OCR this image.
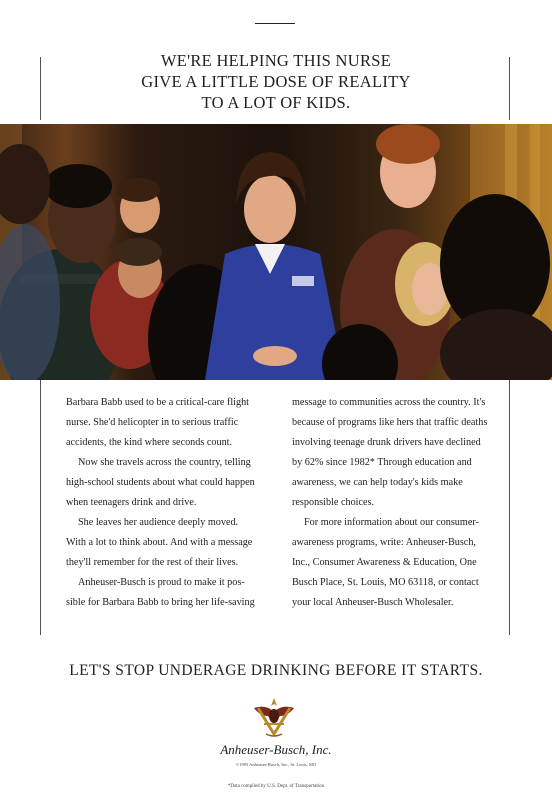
WE'RE HELPING THIS NURSE
GIVE A LITTLE DOSE OF REALITY
TO A LOT OF KIDS.

Barbara Babb used to be a critical-care flight

nurse. She'd helicopter in to serious traffic

accidents, the kind where seconds count.

Now she travels across the country, telling

high-school students about what could happen

when teenagers drink and drive.

She leaves her audience deeply moved.

With a lot to think about. And with a message

they'll remember for the rest of their lives.

Anheuser-Busch is proud to make it pos-

sible for Barbara Babb to bring her life-saving

message to communities across the country. It's

because of programs like hers that traffic deaths

involving teenage drunk drivers have declined

by 62% since 1982* Through education and

awareness, we can help today's kids make

responsible choices.

For more information about our consumer-

awareness programs, write: Anheuser-Busch,

Inc., Consumer Awareness & Education, One

Busch Place, St. Louis, MO 63118, or contact

your local Anheuser-Busch Wholesaler.

LET'S STOP UNDERAGE DRINKING BEFORE IT STARTS.
Anheuser-Busch, Inc.
©1995 Anheuser-Busch, Inc., St. Louis, MO
*Data compiled by U.S. Dept. of Transportation
